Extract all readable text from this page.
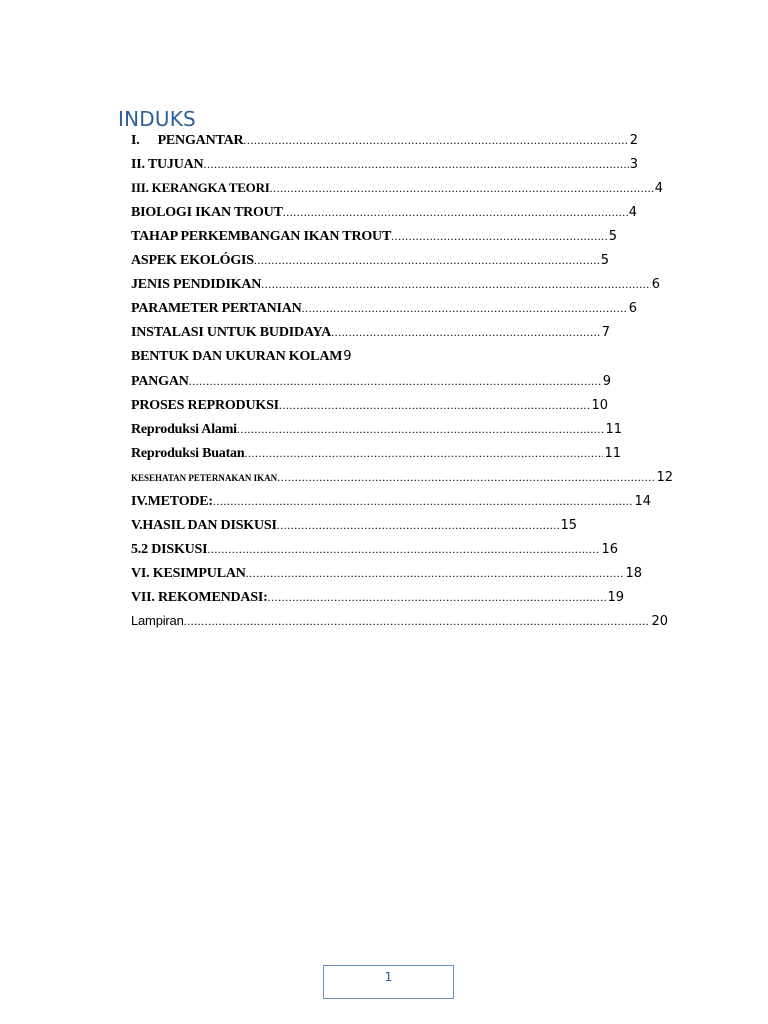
INDUKS
I. PENGANTAR .....	2
II. TUJUAN .....	3
III. KERANGKA TEORI .....	4
BIOLOGI IKAN TROUT .....	4
TAHAP PERKEMBANGAN IKAN TROUT .....	5
ASPEK EKOLÓGIS .....	5
JENIS PENDIDIKAN .....	6
PARAMETER PERTANIAN .....	6
INSTALASI UNTUK BUDIDAYA .....	7
BENTUK DAN UKURAN KOLAM 9
PANGAN .....	9
PROSES REPRODUKSI .....	10
Reproduksi Alami .....	11
Reproduksi Buatan .....	11
KESEHATAN PETERNAKAN IKAN .....	12
IV.METODE: .....	14
V.HASIL DAN DISKUSI .....	15
5.2 DISKUSI .....	16
VI. KESIMPULAN .....	18
VII. REKOMENDASI: .....	19
Lampiran .....	20
1
